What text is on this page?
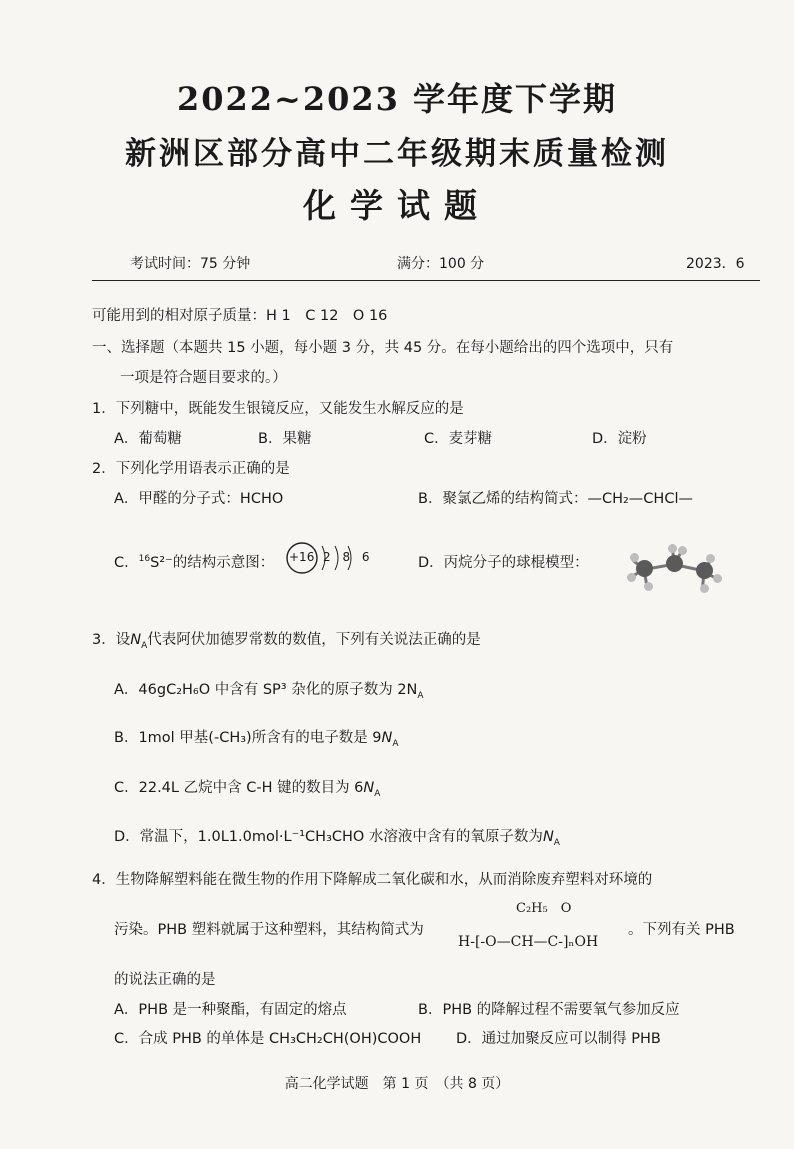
2022~2023 学年度下学期
新洲区部分高中二年级期末质量检测
化学试题
考试时间：75 分钟	满分：100 分	2023．6
可能用到的相对原子质量：H 1　C 12　O 16
一、选择题（本题共 15 小题，每小题 3 分，共 45 分。在每小题给出的四个选项中，只有
一项是符合题目要求的。）
1．下列糖中，既能发生银镜反应，又能发生水解反应的是
A．葡萄糖	B．果糖	C．麦芽糖	D．淀粉
2．下列化学用语表示正确的是
A．甲醛的分子式：HCHO	B．聚氯乙烯的结构简式：—CH₂—CHCl—
C．$^{16}$S²⁻的结构示意图： +16 2 8 6	D．丙烷分子的球棍模型：
3．设$N_A$代表阿伏加德罗常数的数值，下列有关说法正确的是
A．46gC₂H₆O 中含有 SP³ 杂化的原子数为 $2N_A$
B．1mol 甲基(-CH₃)所含有的电子数是 $9N_A$
C．22.4L 乙烷中含 C-H 键的数目为 $6N_A$
D．常温下，1.0L1.0mol·L⁻¹CH₃CHO 水溶液中含有的氧原子数为$N_A$
4．生物降解塑料能在微生物的作用下降解成二氧化碳和水，从而消除废弃塑料对环境的
污染。PHB 塑料就属于这种塑料，其结构简式为
C₂H₅　O
H-[-O—CH—C-]ₙOH
。下列有关 PHB
的说法正确的是
A．PHB 是一种聚酯，有固定的熔点	B．PHB 的降解过程不需要氧气参加反应
C．合成 PHB 的单体是 CH₃CH₂CH(OH)COOH D．通过加聚反应可以制得 PHB
高二化学试题　第 1 页　（共 8 页）
